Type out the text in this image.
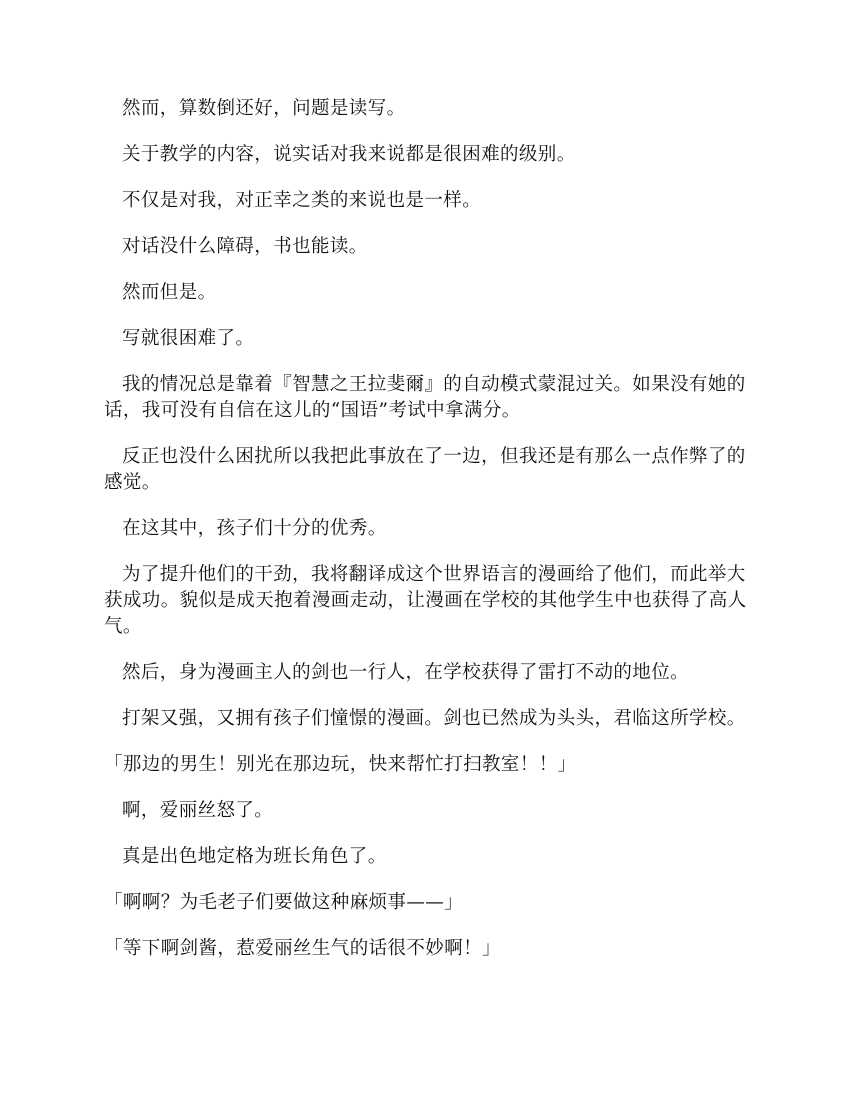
然而，算数倒还好，问题是读写。

关于教学的内容，说实话对我来说都是很困难的级别。

不仅是对我，对正幸之类的来说也是一样。

对话没什么障碍，书也能读。

然而但是。

写就很困难了。

我的情况总是靠着『智慧之王拉斐爾』的自动模式蒙混过关。如果没有她的话，我可没有自信在这儿的“国语”考试中拿满分。

反正也没什么困扰所以我把此事放在了一边，但我还是有那么一点作弊了的感觉。

在这其中，孩子们十分的优秀。

为了提升他们的干劲，我将翻译成这个世界语言的漫画给了他们，而此举大获成功。貌似是成天抱着漫画走动，让漫画在学校的其他学生中也获得了高人气。

然后，身为漫画主人的剑也一行人，在学校获得了雷打不动的地位。

打架又强，又拥有孩子们憧憬的漫画。剑也已然成为头头，君临这所学校。

「那边的男生！别光在那边玩，快来帮忙打扫教室！！」

啊，爱丽丝怒了。

真是出色地定格为班长角色了。

「啊啊？为毛老子们要做这种麻烦事——」

「等下啊剑酱，惹爱丽丝生气的话很不妙啊！」
